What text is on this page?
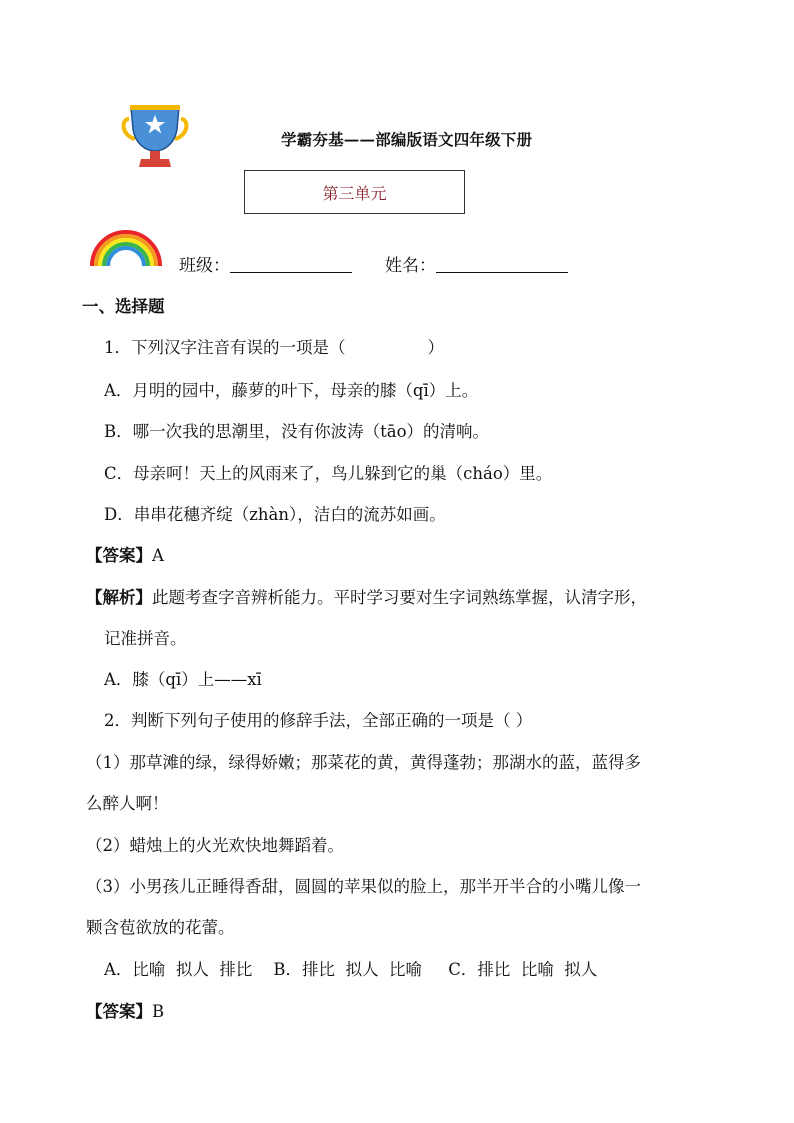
学霸夯基——部编版语文四年级下册
第三单元
班级：	姓名：
一、选择题
1．下列汉字注音有误的一项是（	）
A．月明的园中，藤萝的叶下，母亲的膝（qī）上。
B．哪一次我的思潮里，没有你波涛（tāo）的清响。
C．母亲呵！天上的风雨来了，鸟儿躲到它的巢（cháo）里。
D．串串花穗齐绽（zhàn），洁白的流苏如画。
【答案】A
【解析】此题考查字音辨析能力。平时学习要对生字词熟练掌握，认清字形，
记准拼音。
A．膝（qī）上——xī
2．判断下列句子使用的修辞手法，全部正确的一项是（ ）
（1）那草滩的绿，绿得娇嫩；那菜花的黄，黄得蓬勃；那湖水的蓝，蓝得多
么醉人啊！
（2）蜡烛上的火光欢快地舞蹈着。
（3）小男孩儿正睡得香甜，圆圆的苹果似的脸上，那半开半合的小嘴儿像一
颗含苞欲放的花蕾。
A．比喻  拟人  排比    B．排比  拟人  比喻     C．排比  比喻  拟人
【答案】B
